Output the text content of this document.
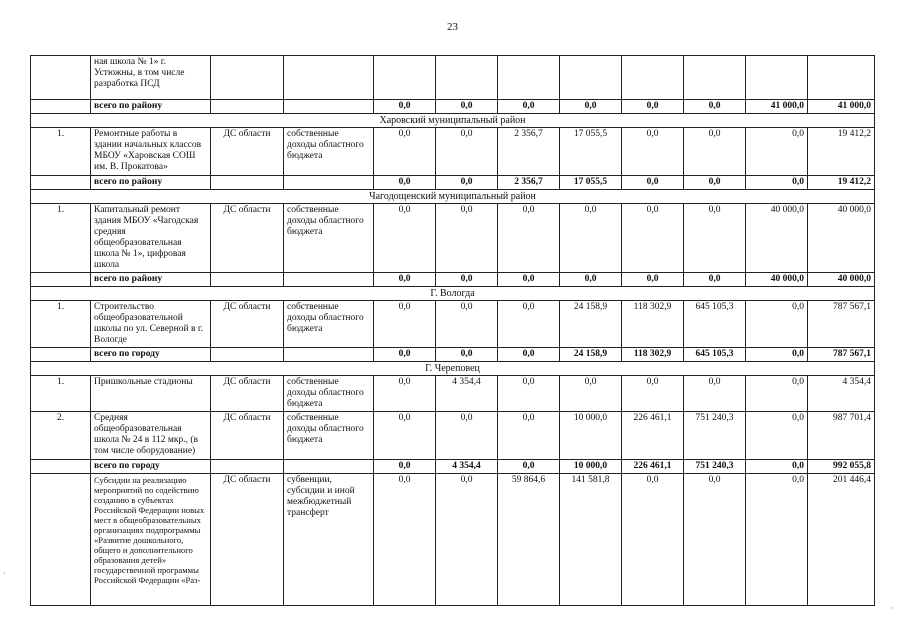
23
	ная школа № 1» г. Устюжны, в том числе разработка ПСД										
	всего по району			0,0	0,0	0,0	0,0	0,0	0,0	41 000,0	41 000,0
Харовский муниципальный район											
1.	Ремонтные работы в здании начальных классов МБОУ «Харовская СОШ им. В. Прокатова»	ДС области	собственные доходы областного бюджета	0,0	0,0	2 356,7	17 055,5	0,0	0,0	0,0	19 412,2
	всего по району			0,0	0,0	2 356,7	17 055,5	0,0	0,0	0,0	19 412,2
Чагодощенский муниципальный район											
1.	Капитальный ремонт здания МБОУ «Чагодская средняя общеобразовательная школа № 1», цифровая школа	ДС области	собственные доходы областного бюджета	0,0	0,0	0,0	0,0	0,0	0,0	40 000,0	40 000,0
	всего по району			0,0	0,0	0,0	0,0	0,0	0,0	40 000,0	40 000,0
Г. Вологда											
1.	Строительство общеобразовательной школы по ул. Северной в г. Вологде	ДС области	собственные доходы областного бюджета	0,0	0,0	0,0	24 158,9	118 302,9	645 105,3	0,0	787 567,1
	всего по городу			0,0	0,0	0,0	24 158,9	118 302,9	645 105,3	0,0	787 567,1
Г. Череповец											
1.	Пришкольные стадионы	ДС области	собственные доходы областного бюджета	0,0	4 354,4	0,0	0,0	0,0	0,0	0,0	4 354,4
2.	Средняя общеобразовательная школа № 24 в 112 мкр., (в том числе оборудование)	ДС области	собственные доходы областного бюджета	0,0	0,0	0,0	10 000,0	226 461,1	751 240,3	0,0	987 701,4
	всего по городу			0,0	4 354,4	0,0	10 000,0	226 461,1	751 240,3	0,0	992 055,8
	Субсидии на реализацию мероприятий по содействию созданию в субъектах Российской Федерации новых мест в общеобразовательных организациях подпрограммы «Развитие дошкольного, общего и дополнительного образования детей» государственной программы Российской Федерации «Раз-	ДС области	субвенции, субсидии и иной межбюджетный трансферт	0,0	0,0	59 864,6	141 581,8	0,0	0,0	0,0	201 446,4
·
·
